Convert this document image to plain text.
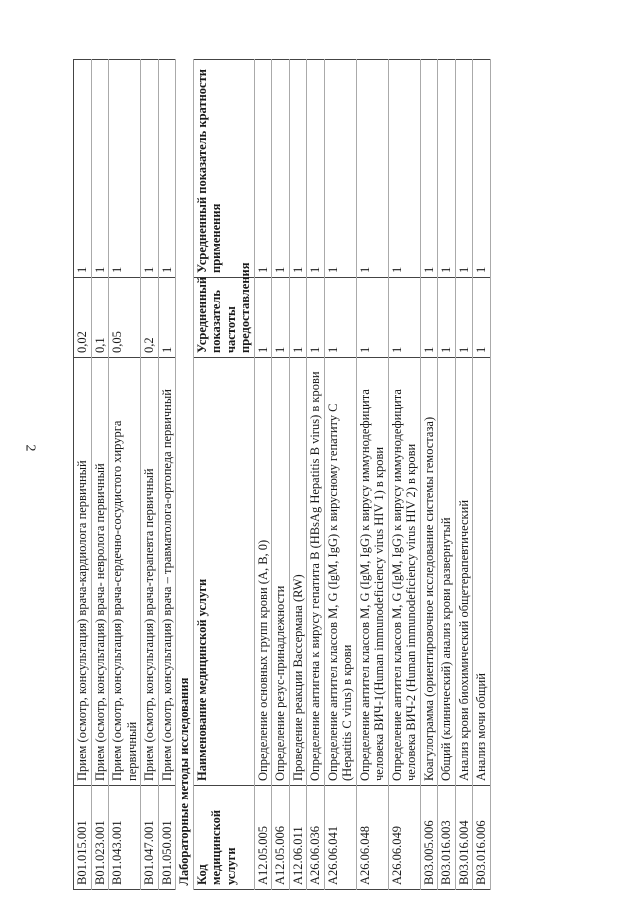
2
B01.015.001	Прием (осмотр, консультация) врача-кардиолога первичный	0,02	1
B01.023.001	Прием (осмотр, консультация) врача- невролога первичный	0,1	1
B01.043.001	Прием (осмотр, консультация) врача-сердечно-сосудистого хирурга первичный	0,05	1
B01.047.001	Прием (осмотр, консультация) врача-терапевта первичный	0,2	1
B01.050.001	Прием (осмотр, консультация) врача – травматолога-ортопеда первичный	1	1
Лабораторные методы исследования			
Код медицинской услуги	Наименование медицинской услуги	Усредненный показатель частоты предоставления	Усредненный показатель кратности применения
A12.05.005	Определение основных групп крови (A, B, 0)	1	1
A12.05.006	Определение резус-принадлежности	1	1
A12.06.011	Проведение реакции Вассермана (RW)	1	1
A26.06.036	Определение антигена к вирусу гепатита B (HBsAg Hepatitis B virus) в крови	1	1
A26.06.041	Определение антител классов M, G (IgM, IgG) к вирусному гепатиту C (Hepatitis C virus) в крови	1	1
A26.06.048	Определение антител классов M, G (IgM, IgG) к вирусу иммунодефицита человека ВИЧ-1(Human immunodeficiency virus HIV 1) в крови	1	1
A26.06.049	Определение антител классов M, G (IgM, IgG) к вирусу иммунодефицита человека ВИЧ-2 (Human immunodeficiency virus HIV 2) в крови	1	1
B03.005.006	Коагулограмма (ориентировочное исследование системы гемостаза)	1	1
B03.016.003	Общий (клинический) анализ крови развернутый	1	1
B03.016.004	Анализ крови биохимический общетерапевтический	1	1
B03.016.006	Анализ мочи общий	1	1
